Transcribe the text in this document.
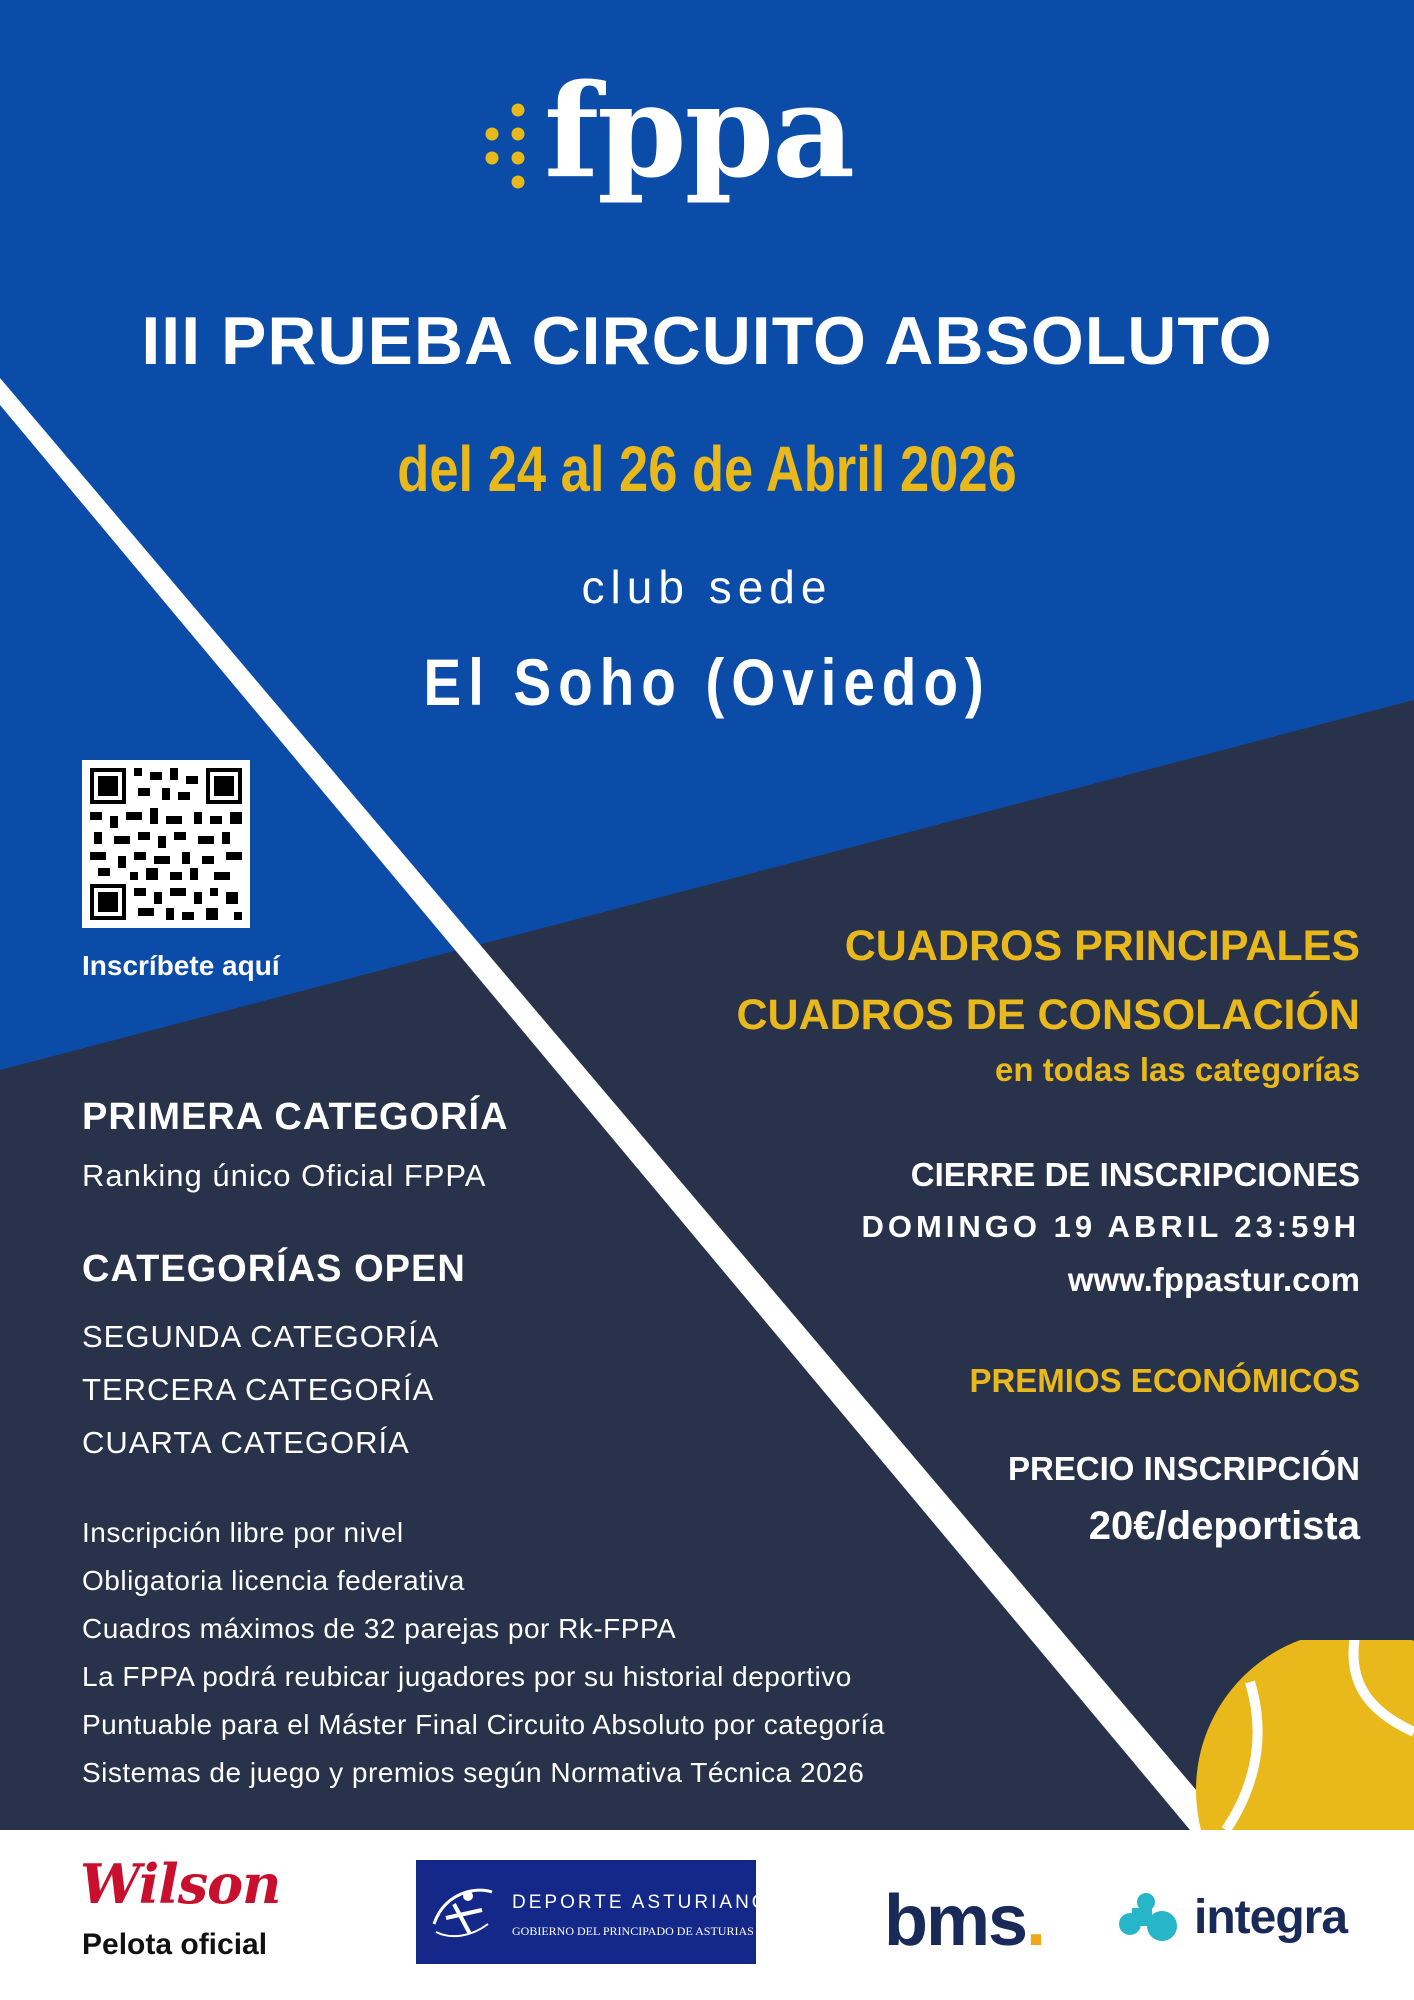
fppa
III PRUEBA CIRCUITO ABSOLUTO
del 24 al 26 de Abril 2026
club sede
El Soho (Oviedo)
Inscríbete aquí	CUADROS PRINCIPALES
CUADROS DE CONSOLACIÓN
en todas las categorías
CIERRE DE INSCRIPCIONES
DOMINGO 19 ABRIL 23:59H
www.fppastur.com
PREMIOS ECONÓMICOS
PRECIO INSCRIPCIÓN
20€/deportista
PRIMERA CATEGORÍA
Ranking único Oficial FPPA
CATEGORÍAS OPEN
SEGUNDA CATEGORÍA
TERCERA CATEGORÍA
CUARTA CATEGORÍA
Inscripción libre por nivel
Obligatoria licencia federativa
Cuadros máximos de 32 parejas por Rk-FPPA
La FPPA podrá reubicar jugadores por su historial deportivo
Puntuable para el Máster Final Circuito Absoluto por categoría
Sistemas de juego y premios según Normativa Técnica 2026
Wilson
Pelota oficial
DEPORTE ASTURIANO
GOBIERNO DEL PRINCIPADO DE ASTURIAS bms.	integra
